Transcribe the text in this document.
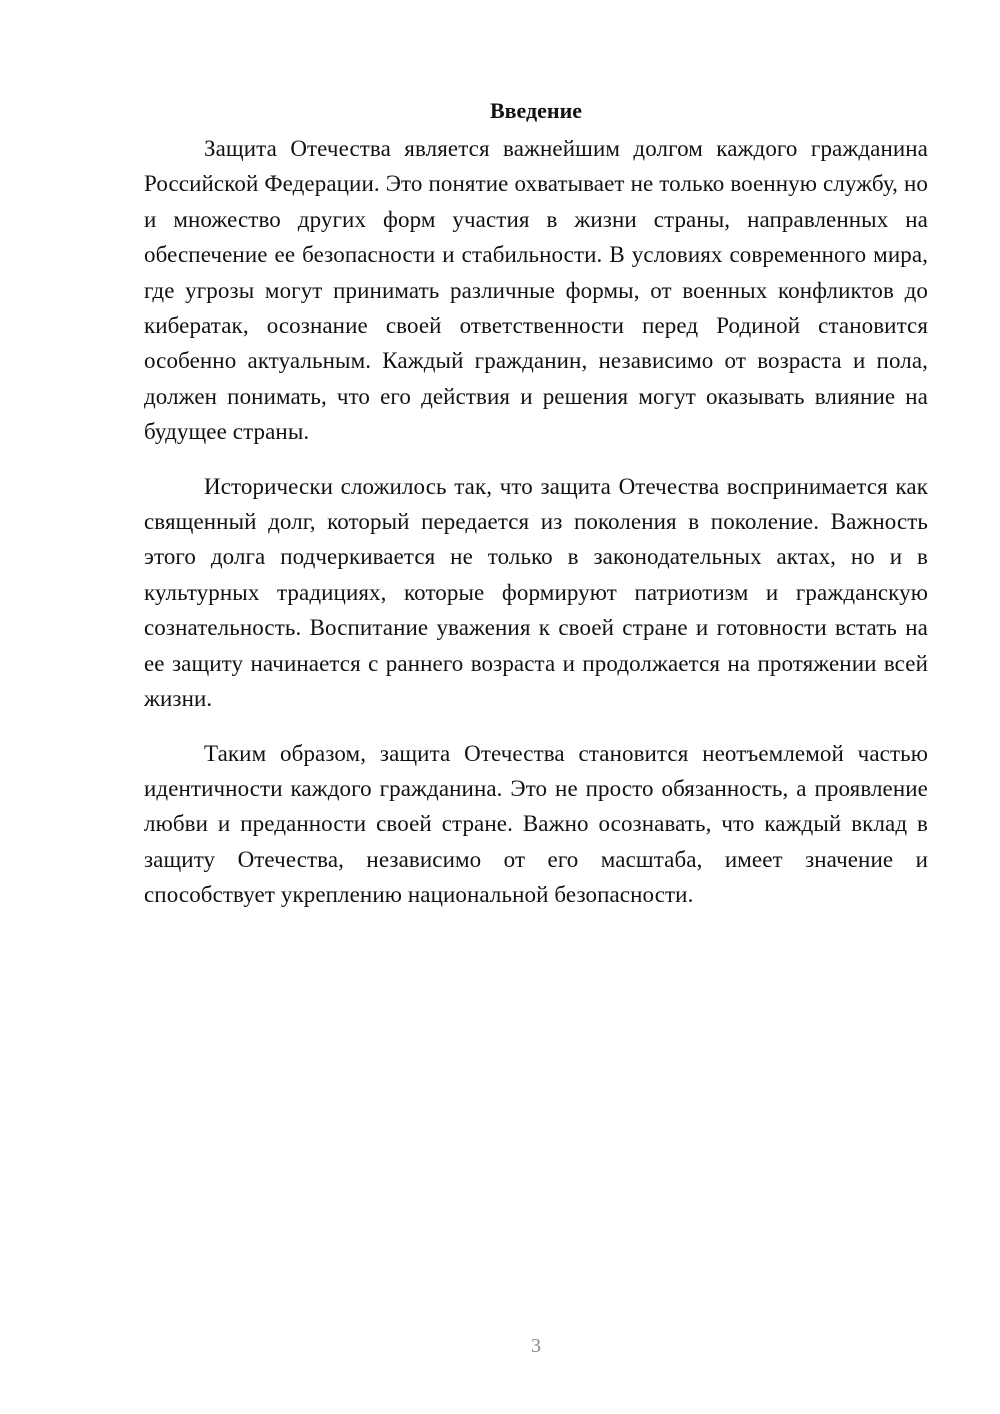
Введение

Защита Отечества является важнейшим долгом каждого гражданина Российской Федерации. Это понятие охватывает не только военную службу, но и множество других форм участия в жизни страны, направленных на обеспечение ее безопасности и стабильности. В условиях современного мира, где угрозы могут принимать различные формы, от военных конфликтов до кибератак, осознание своей ответственности перед Родиной становится особенно актуальным. Каждый гражданин, независимо от возраста и пола, должен понимать, что его действия и решения могут оказывать влияние на будущее страны.

Исторически сложилось так, что защита Отечества воспринимается как священный долг, который передается из поколения в поколение. Важность этого долга подчеркивается не только в законодательных актах, но и в культурных традициях, которые формируют патриотизм и гражданскую сознательность. Воспитание уважения к своей стране и готовности встать на ее защиту начинается с раннего возраста и продолжается на протяжении всей жизни.

Таким образом, защита Отечества становится неотъемлемой частью идентичности каждого гражданина. Это не просто обязанность, а проявление любви и преданности своей стране. Важно осознавать, что каждый вклад в защиту Отечества, независимо от его масштаба, имеет значение и способствует укреплению национальной безопасности.

3
